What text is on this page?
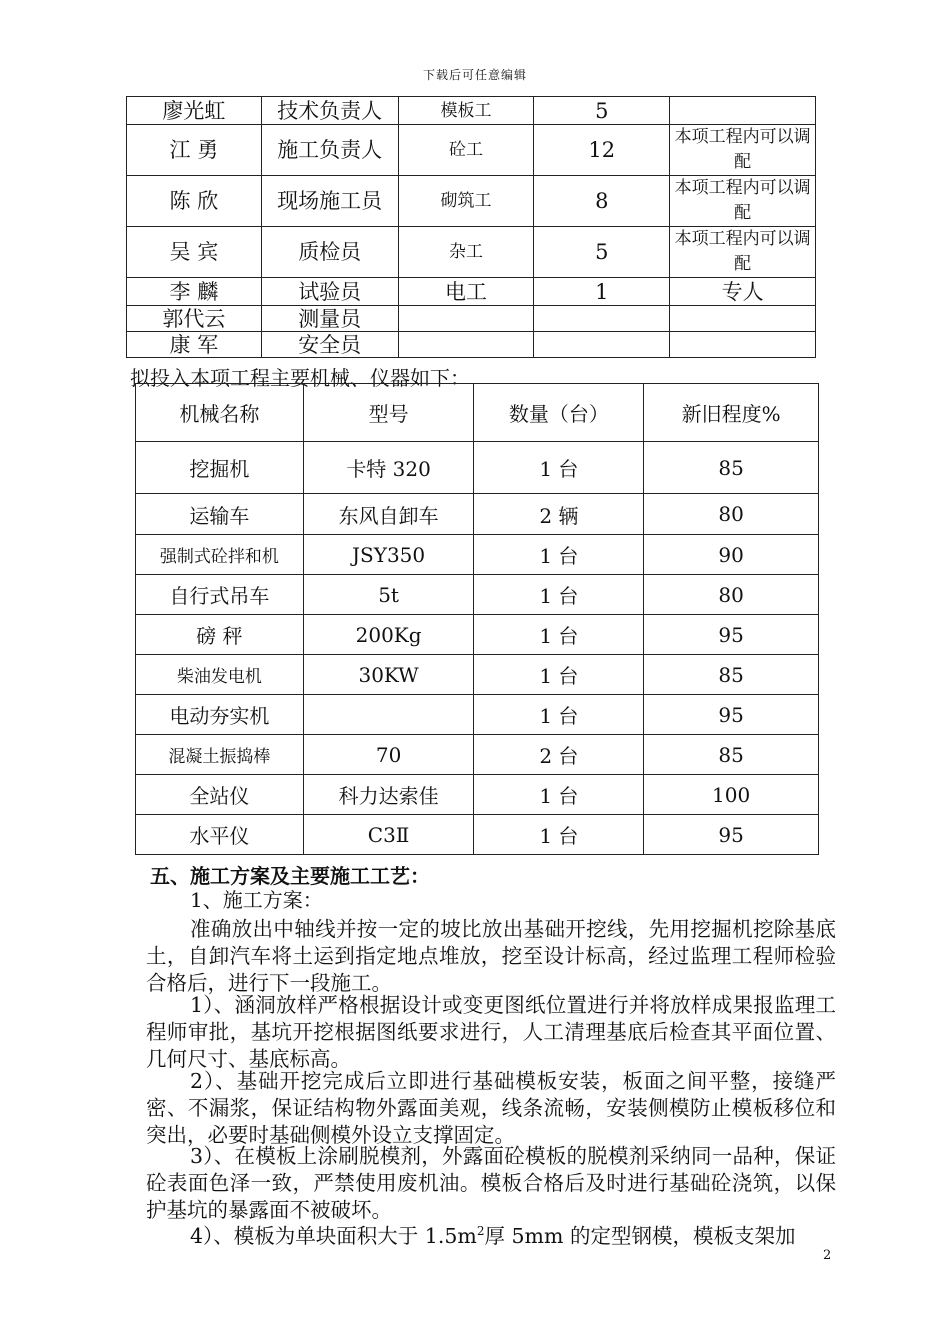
下载后可任意编辑
廖光虹	技术负责人	模板工	5	
江 勇	施工负责人	砼工	12	本项工程内可以调配
陈 欣	现场施工员	砌筑工	8	本项工程内可以调配
吴 宾	质检员	杂工	5	本项工程内可以调配
李 麟	试验员	电工	1	专人
郭代云	测量员			
康 军	安全员			
拟投入本项工程主要机械、仪器如下：
机械名称	型号	数量（台）	新旧程度%
挖掘机	卡特 320	1 台	85
运输车	东风自卸车	2 辆	80
强制式砼拌和机	JSY350	1 台	90
自行式吊车	5t	1 台	80
磅 秤	200Kg	1 台	95
柴油发电机	30KW	1 台	85
电动夯实机		1 台	95
混凝土振捣棒	70	2 台	85
全站仪	科力达索佳	1 台	100
水平仪	C3Ⅱ	1 台	95
五、施工方案及主要施工工艺：
1、施工方案：
准确放出中轴线并按一定的坡比放出基础开挖线，先用挖掘机挖除基底土，自卸汽车将土运到指定地点堆放，挖至设计标高，经过监理工程师检验合格后，进行下一段施工。
1）、涵洞放样严格根据设计或变更图纸位置进行并将放样成果报监理工程师审批，基坑开挖根据图纸要求进行，人工清理基底后检查其平面位置、几何尺寸、基底标高。
2）、基础开挖完成后立即进行基础模板安装，板面之间平整，接缝严密、不漏浆，保证结构物外露面美观，线条流畅，安装侧模防止模板移位和突出，必要时基础侧模外设立支撑固定。
3）、在模板上涂刷脱模剂，外露面砼模板的脱模剂采纳同一品种，保证砼表面色泽一致，严禁使用废机油。模板合格后及时进行基础砼浇筑，以保护基坑的暴露面不被破坏。
4）、模板为单块面积大于 $1.5m^2$厚 5mm 的定型钢模，模板支架加
2
